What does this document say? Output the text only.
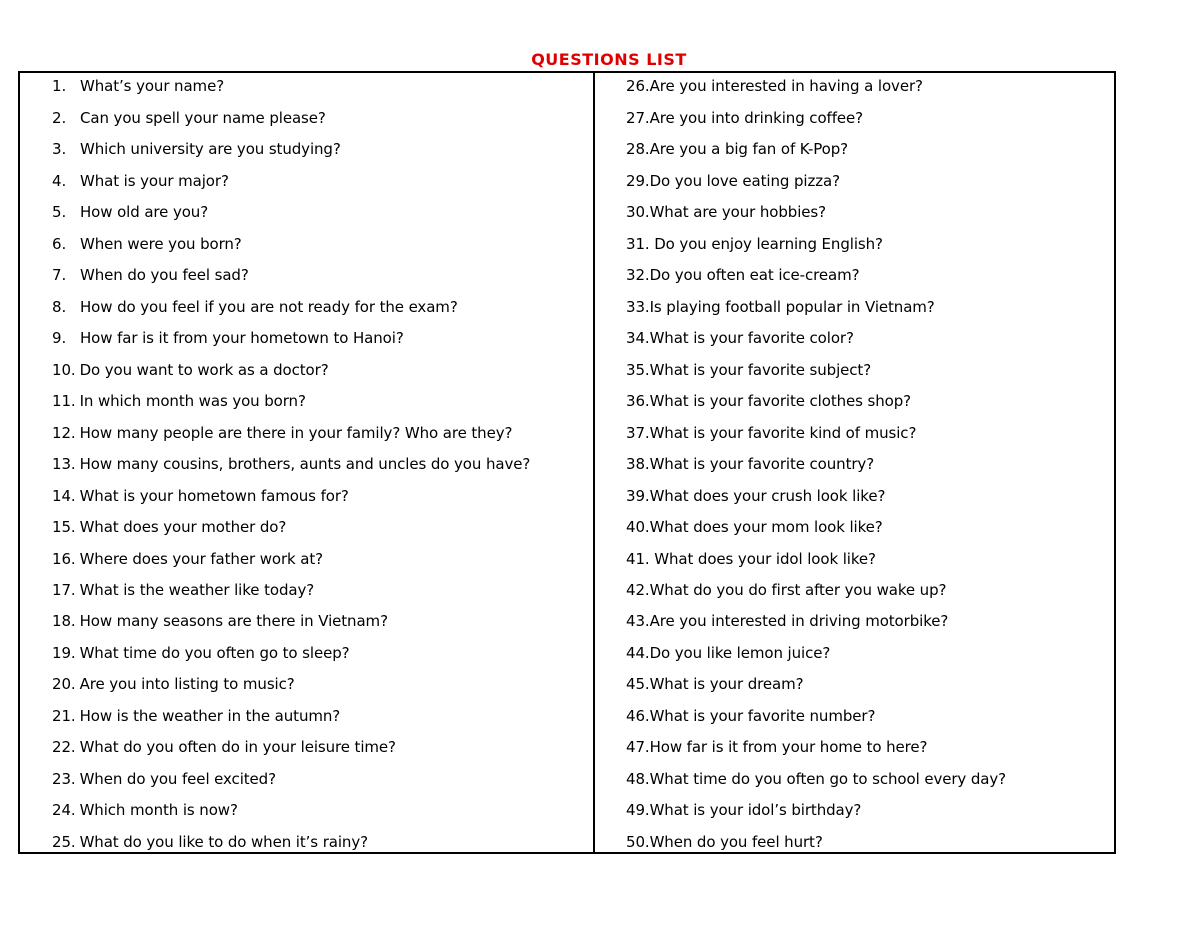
QUESTIONS LIST
1. What’s your name?
2. Can you spell your name please?
3. Which university are you studying?
4. What is your major?
5. How old are you?
6. When were you born?
7. When do you feel sad?
8. How do you feel if you are not ready for the exam?
9. How far is it from your hometown to Hanoi?
10. Do you want to work as a doctor?
11. In which month was you born?
12. How many people are there in your family? Who are they?
13. How many cousins, brothers, aunts and uncles do you have?
14. What is your hometown famous for?
15. What does your mother do?
16. Where does your father work at?
17. What is the weather like today?
18. How many seasons are there in Vietnam?
19. What time do you often go to sleep?
20. Are you into listing to music?
21. How is the weather in the autumn?
22. What do you often do in your leisure time?
23. When do you feel excited?
24. Which month is now?
25. What do you like to do when it’s rainy?
26.Are you interested in having a lover?
27.Are you into drinking coffee?
28.Are you a big fan of K-Pop?
29.Do you love eating pizza?
30.What are your hobbies?
31. Do you enjoy learning English?
32.Do you often eat ice-cream?
33.Is playing football popular in Vietnam?
34.What is your favorite color?
35.What is your favorite subject?
36.What is your favorite clothes shop?
37.What is your favorite kind of music?
38.What is your favorite country?
39.What does your crush look like?
40.What does your mom look like?
41. What does your idol look like?
42.What do you do first after you wake up?
43.Are you interested in driving motorbike?
44.Do you like lemon juice?
45.What is your dream?
46.What is your favorite number?
47.How far is it from your home to here?
48.What time do you often go to school every day?
49.What is your idol’s birthday?
50.When do you feel hurt?
